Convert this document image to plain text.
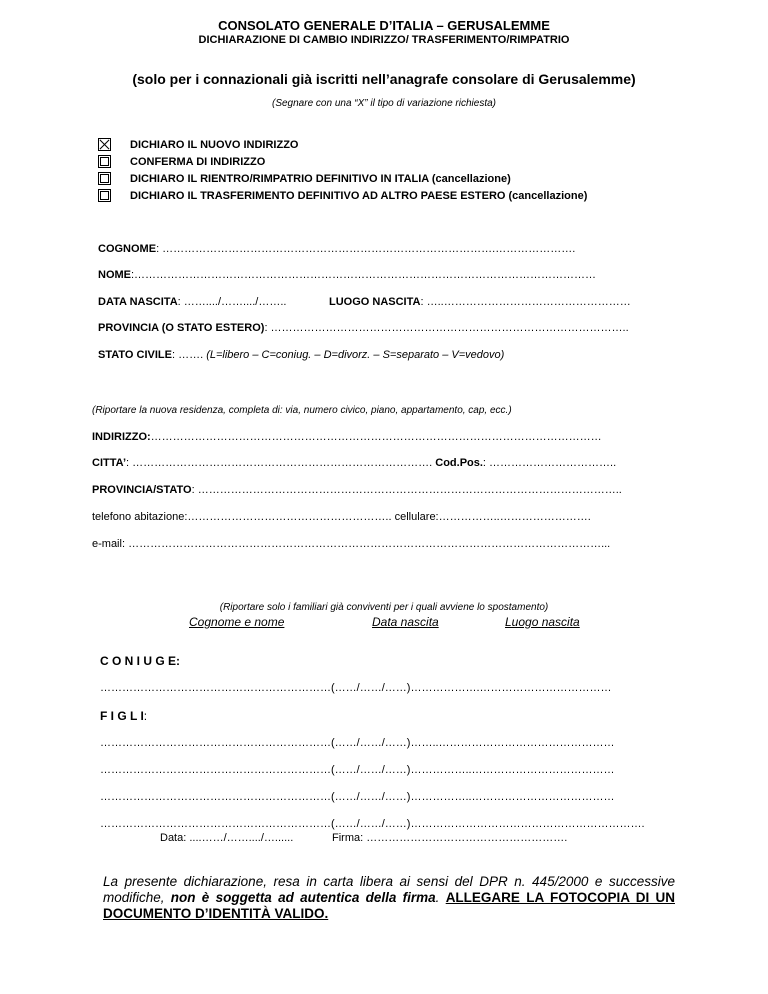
CONSOLATO GENERALE D’ITALIA – GERUSALEMME
DICHIARAZIONE DI CAMBIO INDIRIZZO/ TRASFERIMENTO/RIMPATRIO
(solo per i connazionali già iscritti nell’anagrafe consolare di Gerusalemme)
(Segnare con una “X” il tipo di variazione richiesta)
DICHIARO IL NUOVO INDIRIZZO
CONFERMA DI INDIRIZZO
DICHIARO IL RIENTRO/RIMPATRIO DEFINITIVO IN ITALIA (cancellazione)
DICHIARO IL TRASFERIMENTO DEFINITIVO AD ALTRO PAESE ESTERO (cancellazione)
COGNOME: ……………………………………………………………………………….………………….
NOME:………………………………………………………………………………………………………………
DATA NASCITA: ……..../……..../……..	LUOGO NASCITA: …..……………………………………………
PROVINCIA (O STATO ESTERO): ……………………………………………………………………………………..
STATO CIVILE: ……. (L=libero – C=coniug. – D=divorz. – S=separato – V=vedovo)
(Riportare la nuova residenza, completa di: via, numero civico, piano, appartamento, cap, ecc.)
INDIRIZZO:……………………………………………………………………………………………………………
CITTA’: ………………………………………………………………………. Cod.Pos.: ……………………………..
PROVINCIA/STATO: ……………………………………………………………………………………………………..
telefono abitazione:……………………………………………….. cellulare:……………..…………………….
e-mail: …………………………………………………………………………………………………………………...
(Riportare solo i familiari già conviventi per i quali avviene lo spostamento)
Cognome e nome	Data nascita	Luogo nascita
C O N I U G E:
………………………………………………………(……/……/……)……………….………………………………
F I G L I:
………………………………………………………(……/……/……)……..…………………………………………
………………………………………………………(……/……/……)……………..…………………………………
………………………………………………………(……/……/……)……………..…………………………………
………………………………………………………(……/……/……)……………………………………………………….
Data: ....……/……..../…......	Firma: ……………………………………………….
La presente dichiarazione, resa in carta libera ai sensi del DPR n. 445/2000 e successive modifiche, non è soggetta ad autentica della firma. ALLEGARE LA FOTOCOPIA DI UN DOCUMENTO D’IDENTITÀ VALIDO.
